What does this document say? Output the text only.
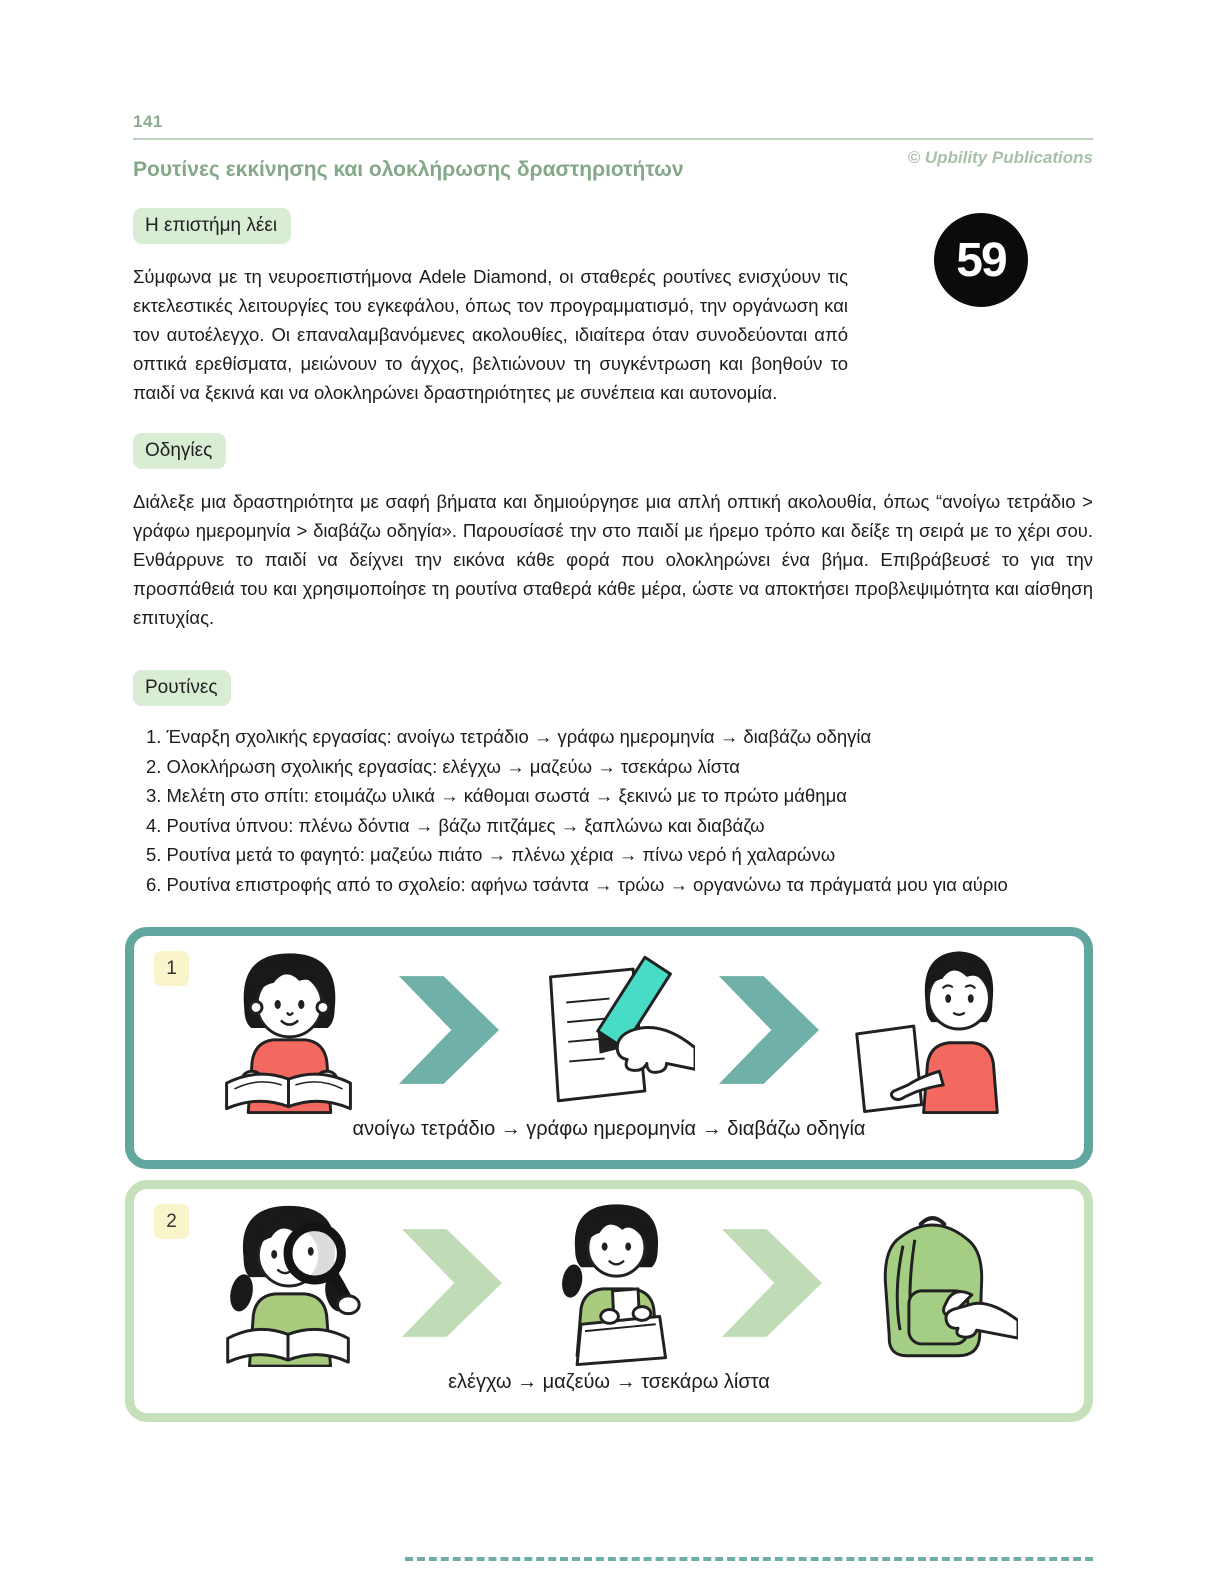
141
Ρουτίνες εκκίνησης και ολοκλήρωσης δραστηριοτήτων
© Upbility Publications
Η επιστήμη λέει

Σύμφωνα με τη νευροεπιστήμονα Adele Diamond, οι σταθερές ρουτίνες ενισχύουν τις εκτελεστικές λειτουργίες του εγκεφάλου, όπως τον προγραμματισμό, την οργάνωση και τον αυτοέλεγχο. Οι επαναλαμβανόμενες ακολουθίες, ιδιαίτερα όταν συνοδεύονται από οπτικά ερεθίσματα, μειώνουν το άγχος, βελτιώνουν τη συγκέντρωση και βοηθούν το παιδί να ξεκινά και να ολοκληρώνει δραστηριότητες με συνέπεια και αυτονομία.

59
Οδηγίες

Διάλεξε μια δραστηριότητα με σαφή βήματα και δημιούργησε μια απλή οπτική ακολουθία, όπως “ανοίγω τετράδιο > γράφω ημερομηνία > διαβάζω οδηγία». Παρουσίασέ την στο παιδί με ήρεμο τρόπο και δείξε τη σειρά με το χέρι σου. Ενθάρρυνε το παιδί να δείχνει την εικόνα κάθε φορά που ολοκληρώνει ένα βήμα. Επιβράβευσέ το για την προσπάθειά του και χρησιμοποίησε τη ρουτίνα σταθερά κάθε μέρα, ώστε να αποκτήσει προβλεψιμότητα και αίσθηση επιτυχίας.

Ρουτίνες
1. Έναρξη σχολικής εργασίας: ανοίγω τετράδιο → γράφω ημερομηνία → διαβάζω οδηγία
2. Ολοκλήρωση σχολικής εργασίας: ελέγχω → μαζεύω → τσεκάρω λίστα
3. Μελέτη στο σπίτι: ετοιμάζω υλικά → κάθομαι σωστά → ξεκινώ με το πρώτο μάθημα
4. Ρουτίνα ύπνου: πλένω δόντια → βάζω πιτζάμες → ξαπλώνω και διαβάζω
5. Ρουτίνα μετά το φαγητό: μαζεύω πιάτο → πλένω χέρια → πίνω νερό ή χαλαρώνω
6. Ρουτίνα επιστροφής από το σχολείο: αφήνω τσάντα → τρώω → οργανώνω τα πράγματά μου για αύριο
1
ανοίγω τετράδιο → γράφω ημερομηνία → διαβάζω οδηγία
2
ελέγχω → μαζεύω → τσεκάρω λίστα
